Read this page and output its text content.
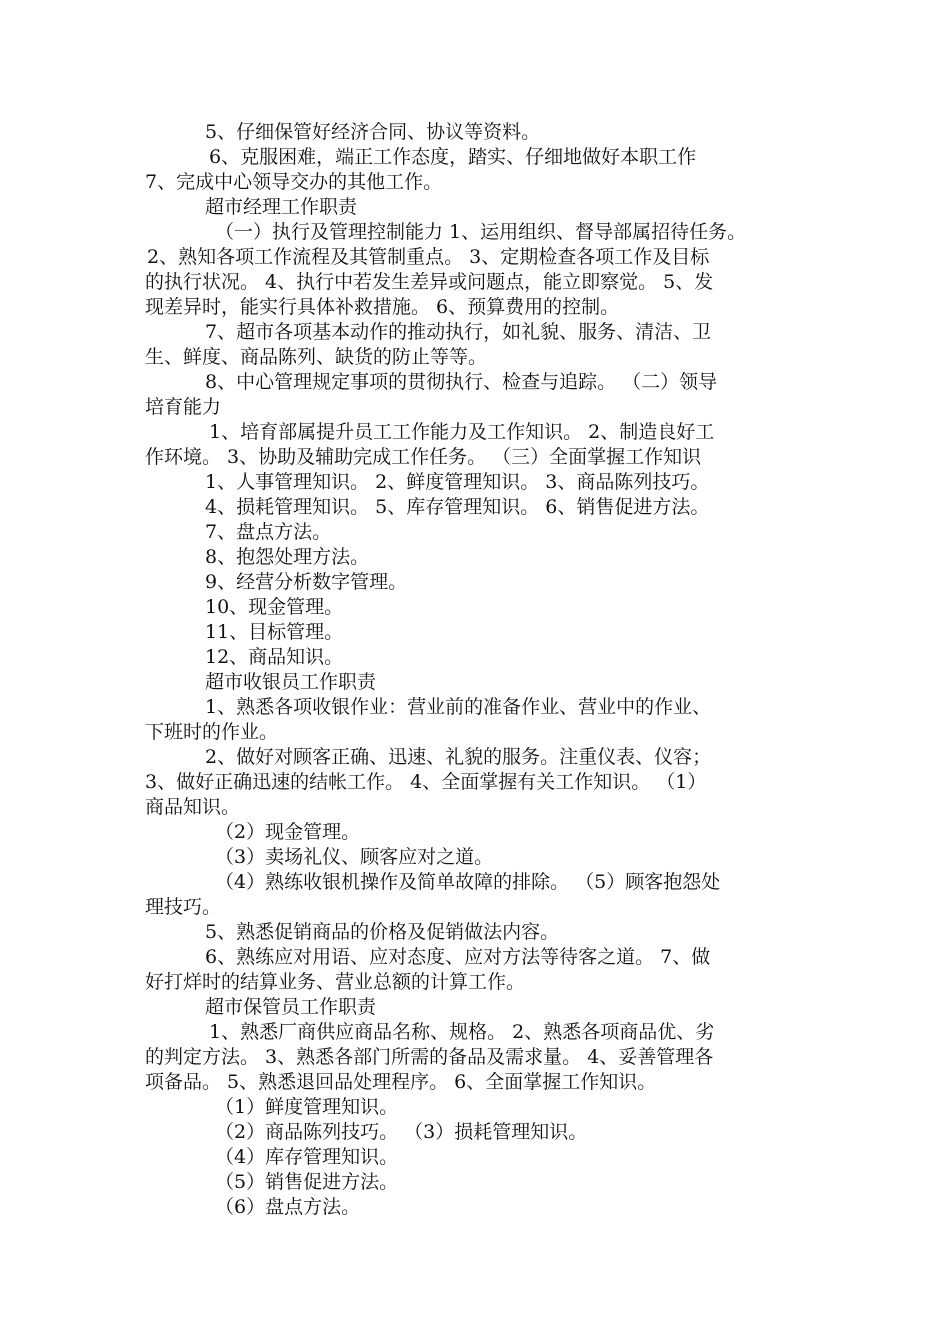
5、仔细保管好经济合同、协议等资料。
6、克服困难，端正工作态度，踏实、仔细地做好本职工作
7、完成中心领导交办的其他工作。
超市经理工作职责
（一）执行及管理控制能力 1、运用组织、督导部属招待任务。
2、熟知各项工作流程及其管制重点。 3、定期检查各项工作及目标
的执行状况。 4、执行中若发生差异或问题点，能立即察觉。 5、发
现差异时，能实行具体补救措施。 6、预算费用的控制。
7、超市各项基本动作的推动执行，如礼貌、服务、清洁、卫
生、鲜度、商品陈列、缺货的防止等等。
8、中心管理规定事项的贯彻执行、检查与追踪。 （二）领导
培育能力
1、培育部属提升员工工作能力及工作知识。 2、制造良好工
作环境。 3、协助及辅助完成工作任务。 （三）全面掌握工作知识
1、人事管理知识。 2、鲜度管理知识。 3、商品陈列技巧。
4、损耗管理知识。 5、库存管理知识。 6、销售促进方法。
7、盘点方法。
8、抱怨处理方法。
9、经营分析数字管理。
10、现金管理。
11、目标管理。
12、商品知识。
超市收银员工作职责
1、熟悉各项收银作业：营业前的准备作业、营业中的作业、
下班时的作业。
2、做好对顾客正确、迅速、礼貌的服务。注重仪表、仪容；
3、做好正确迅速的结帐工作。 4、全面掌握有关工作知识。 （1）
商品知识。
（2）现金管理。
（3）卖场礼仪、顾客应对之道。
（4）熟练收银机操作及简单故障的排除。 （5）顾客抱怨处
理技巧。
5、熟悉促销商品的价格及促销做法内容。
6、熟练应对用语、应对态度、应对方法等待客之道。 7、做
好打烊时的结算业务、营业总额的计算工作。
超市保管员工作职责
1、熟悉厂商供应商品名称、规格。 2、熟悉各项商品优、劣
的判定方法。 3、熟悉各部门所需的备品及需求量。 4、妥善管理各
项备品。 5、熟悉退回品处理程序。 6、全面掌握工作知识。
（1）鲜度管理知识。
（2）商品陈列技巧。 （3）损耗管理知识。
（4）库存管理知识。
（5）销售促进方法。
（6）盘点方法。
